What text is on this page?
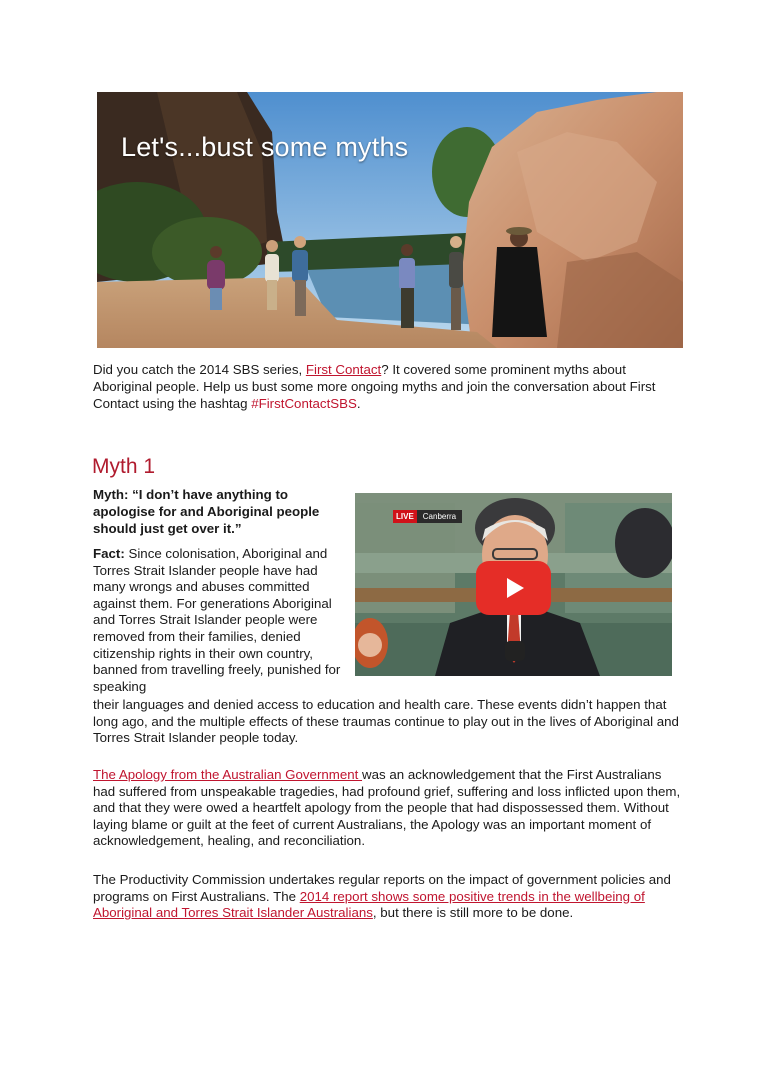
Let's...bust some myths

Did you catch the 2014 SBS series, First Contact? It covered some prominent myths about Aboriginal people. Help us bust some more ongoing myths and join the conversation about First Contact using the hashtag #FirstContactSBS.

Myth 1

Myth: “I don’t have anything to apologise for and Aboriginal people should just get over it.”

Fact: Since colonisation, Aboriginal and Torres Strait Islander people have had many wrongs and abuses committed against them. For generations Aboriginal and Torres Strait Islander people were removed from their families, denied citizenship rights in their own country, banned from travelling freely, punished for speaking

LIVE	Canberra

their languages and denied access to education and health care. These events didn’t happen that long ago, and the multiple effects of these traumas continue to play out in the lives of Aboriginal and Torres Strait Islander people today.

The Apology from the Australian Government was an acknowledgement that the First Australians had suffered from unspeakable tragedies, had profound grief, suffering and loss inflicted upon them, and that they were owed a heartfelt apology from the people that had dispossessed them. Without laying blame or guilt at the feet of current Australians, the Apology was an important moment of acknowledgement, healing, and reconciliation.

The Productivity Commission undertakes regular reports on the impact of government policies and programs on First Australians. The 2014 report shows some positive trends in the wellbeing of Aboriginal and Torres Strait Islander Australians, but there is still more to be done.
